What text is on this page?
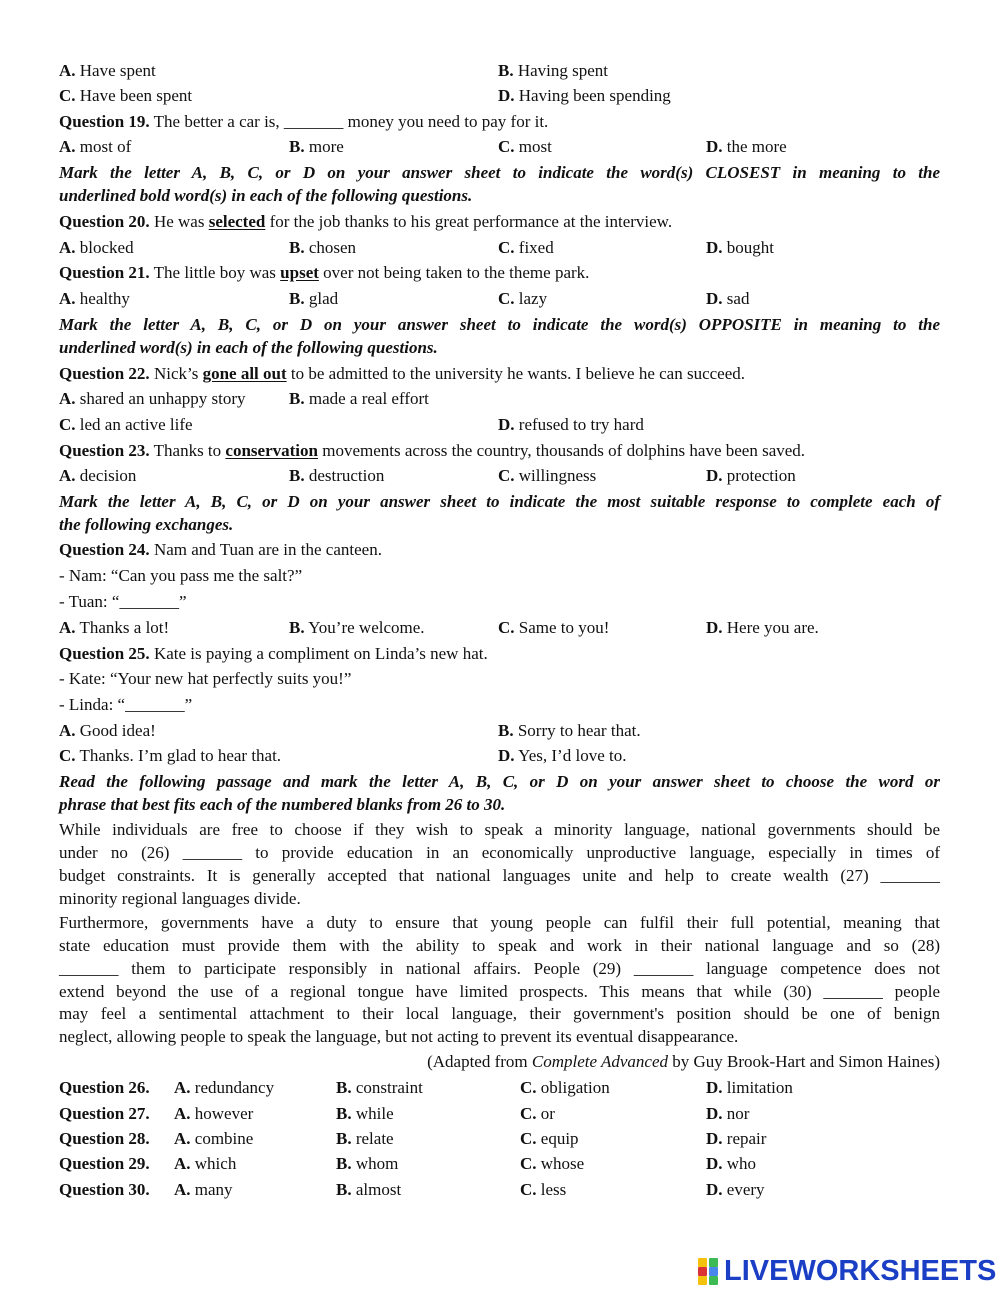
A. Have spent	B. Having spent
C. Have been spent	D. Having been spending
Question 19. The better a car is, _______ money you need to pay for it.
A. most of	B. more	C. most	D. the more
Mark the letter A, B, C, or D on your answer sheet to indicate the word(s) CLOSEST in meaning to the
underlined bold word(s) in each of the following questions.
Question 20. He was selected for the job thanks to his great performance at the interview.
A. blocked	B. chosen	C. fixed	D. bought
Question 21. The little boy was upset over not being taken to the theme park.
A. healthy	B. glad	C. lazy	D. sad
Mark the letter A, B, C, or D on your answer sheet to indicate the word(s) OPPOSITE in meaning to the
underlined word(s) in each of the following questions.
Question 22. Nick’s gone all out to be admitted to the university he wants. I believe he can succeed.
A. shared an unhappy story	B. made a real effort
C. led an active life	D. refused to try hard
Question 23. Thanks to conservation movements across the country, thousands of dolphins have been saved.
A. decision	B. destruction	C. willingness	D. protection
Mark the letter A, B, C, or D on your answer sheet to indicate the most suitable response to complete each of
the following exchanges.
Question 24. Nam and Tuan are in the canteen.
- Nam: “Can you pass me the salt?”
- Tuan: “_______”
A. Thanks a lot!	B. You’re welcome.	C. Same to you!	D. Here you are.
Question 25. Kate is paying a compliment on Linda’s new hat.
- Kate: “Your new hat perfectly suits you!”
- Linda: “_______”
A. Good idea!	B. Sorry to hear that.
C. Thanks. I’m glad to hear that.	D. Yes, I’d love to.
Read the following passage and mark the letter A, B, C, or D on your answer sheet to choose the word or
phrase that best fits each of the numbered blanks from 26 to 30.
While individuals are free to choose if they wish to speak a minority language, national governments should be
under no (26) _______ to provide education in an economically unproductive language, especially in times of
budget constraints. It is generally accepted that national languages unite and help to create wealth (27) _______
minority regional languages divide.
Furthermore, governments have a duty to ensure that young people can fulfil their full potential, meaning that
state education must provide them with the ability to speak and work in their national language and so (28)
_______ them to participate responsibly in national affairs. People (29) _______ language competence does not
extend beyond the use of a regional tongue have limited prospects. This means that while (30) _______ people
may feel a sentimental attachment to their local language, their government's position should be one of benign
neglect, allowing people to speak the language, but not acting to prevent its eventual disappearance.
(Adapted from Complete Advanced by Guy Brook-Hart and Simon Haines)
Question 26. A. redundancy	B. constraint	C. obligation	D. limitation
Question 27. A. however	B. while	C. or	D. nor
Question 28. A. combine	B. relate	C. equip	D. repair
Question 29. A. which	B. whom	C. whose	D. who
Question 30. A. many	B. almost	C. less	D. every
LIVEWORKSHEETS
